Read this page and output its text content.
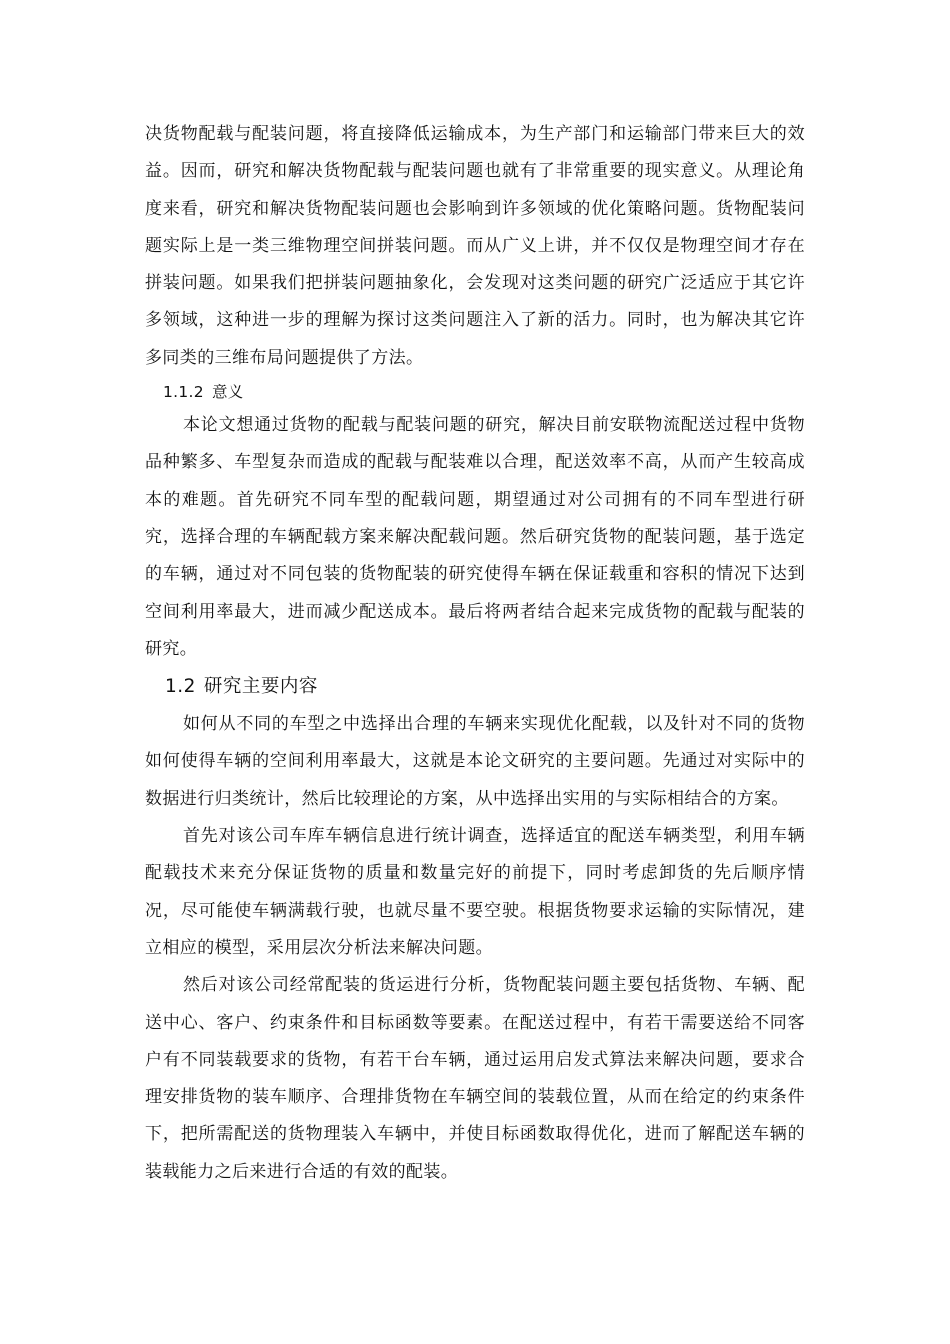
决货物配载与配装问题，将直接降低运输成本，为生产部门和运输部门带来巨大的效益。因而，研究和解决货物配载与配装问题也就有了非常重要的现实意义。从理论角度来看，研究和解决货物配装问题也会影响到许多领域的优化策略问题。货物配装问题实际上是一类三维物理空间拼装问题。而从广义上讲，并不仅仅是物理空间才存在拼装问题。如果我们把拼装问题抽象化，会发现对这类问题的研究广泛适应于其它许多领域，这种进一步的理解为探讨这类问题注入了新的活力。同时，也为解决其它许多同类的三维布局问题提供了方法。

1.1.2 意义

本论文想通过货物的配载与配装问题的研究，解决目前安联物流配送过程中货物品种繁多、车型复杂而造成的配载与配装难以合理，配送效率不高，从而产生较高成本的难题。首先研究不同车型的配载问题，期望通过对公司拥有的不同车型进行研究，选择合理的车辆配载方案来解决配载问题。然后研究货物的配装问题，基于选定的车辆，通过对不同包装的货物配装的研究使得车辆在保证载重和容积的情况下达到空间利用率最大，进而减少配送成本。最后将两者结合起来完成货物的配载与配装的研究。

1.2 研究主要内容

如何从不同的车型之中选择出合理的车辆来实现优化配载，以及针对不同的货物如何使得车辆的空间利用率最大，这就是本论文研究的主要问题。先通过对实际中的数据进行归类统计，然后比较理论的方案，从中选择出实用的与实际相结合的方案。

首先对该公司车库车辆信息进行统计调查，选择适宜的配送车辆类型，利用车辆配载技术来充分保证货物的质量和数量完好的前提下，同时考虑卸货的先后顺序情况，尽可能使车辆满载行驶，也就尽量不要空驶。根据货物要求运输的实际情况，建立相应的模型，采用层次分析法来解决问题。

然后对该公司经常配装的货运进行分析，货物配装问题主要包括货物、车辆、配送中心、客户、约束条件和目标函数等要素。在配送过程中，有若干需要送给不同客户有不同装载要求的货物，有若干台车辆，通过运用启发式算法来解决问题，要求合理安排货物的装车顺序、合理排货物在车辆空间的装载位置，从而在给定的约束条件下，把所需配送的货物理装入车辆中，并使目标函数取得优化，进而了解配送车辆的装载能力之后来进行合适的有效的配装。
